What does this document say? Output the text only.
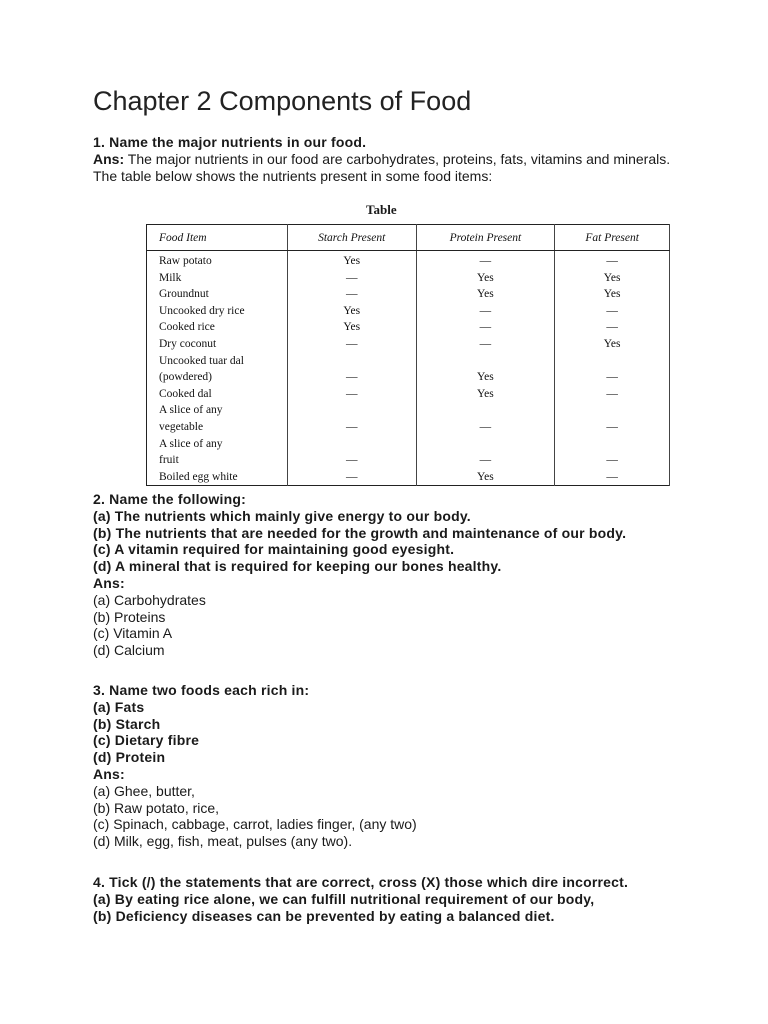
Chapter 2 Components of Food
1. Name the major nutrients in our food.
Ans: The major nutrients in our food are carbohydrates, proteins, fats, vitamins and minerals.
The table below shows the nutrients present in some food items:
Table
Food Item	Starch Present	Protein Present	Fat Present
Raw potato	Yes	—	—
Milk	—	Yes	Yes
Groundnut	—	Yes	Yes
Uncooked dry rice	Yes	—	—
Cooked rice	Yes	—	—
Dry coconut	—	—	Yes
Uncooked tuar dal			
(powdered)	—	Yes	—
Cooked dal	—	Yes	—
A slice of any			
vegetable	—	—	—
A slice of any			
fruit	—	—	—
Boiled egg white	—	Yes	—
2. Name the following:
(a) The nutrients which mainly give energy to our body.
(b) The nutrients that are needed for the growth and maintenance of our body.
(c) A vitamin required for maintaining good eyesight.
(d) A mineral that is required for keeping our bones healthy.
Ans:
(a) Carbohydrates
(b) Proteins
(c) Vitamin A
(d) Calcium
3. Name two foods each rich in:
(a) Fats
(b) Starch
(c) Dietary fibre
(d) Protein
Ans:
(a) Ghee, butter,
(b) Raw potato, rice,
(c) Spinach, cabbage, carrot, ladies finger, (any two)
(d) Milk, egg, fish, meat, pulses (any two).
4. Tick (/) the statements that are correct, cross (X) those which dire incorrect.
(a) By eating rice alone, we can fulfill nutritional requirement of our body,
(b) Deficiency diseases can be prevented by eating a balanced diet.
